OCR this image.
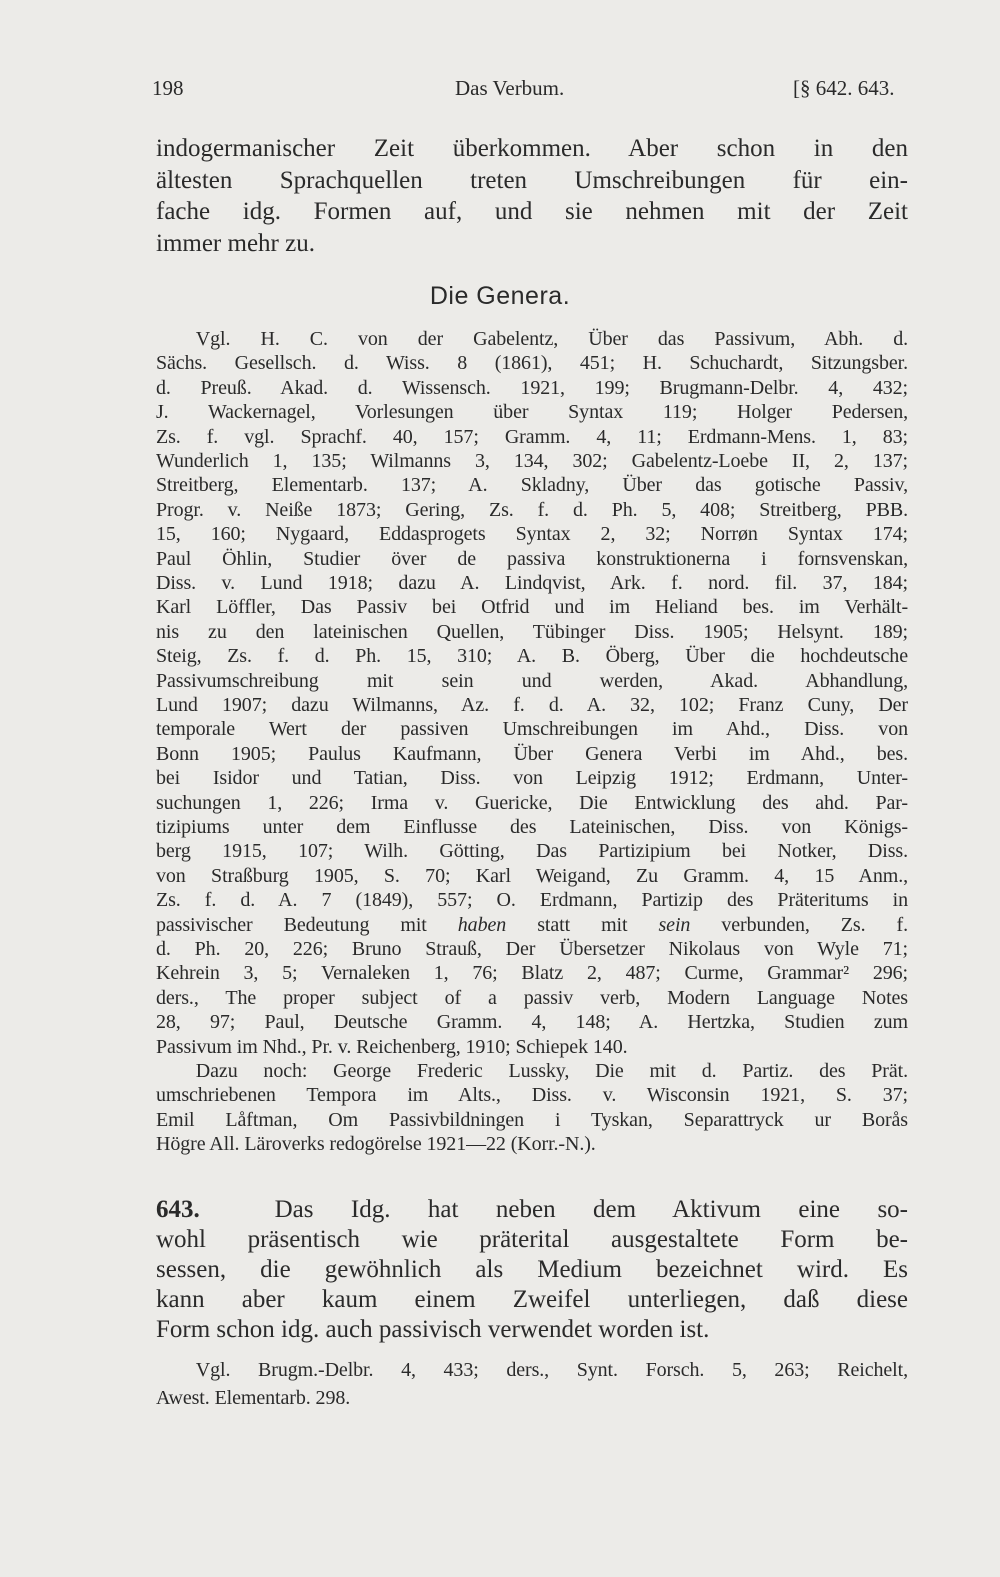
198	Das Verbum.	[§ 642. 643.
indogermanischer Zeit überkommen. Aber schon in den
ältesten Sprachquellen treten Umschreibungen für ein-
fache idg. Formen auf, und sie nehmen mit der Zeit
immer mehr zu.
Die Genera.
  Vgl. H. C. von der Gabelentz, Über das Passivum, Abh. d.
Sächs. Gesellsch. d. Wiss. 8 (1861), 451; H. Schuchardt, Sitzungsber.
d. Preuß. Akad. d. Wissensch. 1921, 199; Brugmann-Delbr. 4, 432;
J. Wackernagel, Vorlesungen über Syntax 119; Holger Pedersen,
Zs. f. vgl. Sprachf. 40, 157; Gramm. 4, 11; Erdmann-Mens. 1, 83;
Wunderlich 1, 135; Wilmanns 3, 134, 302; Gabelentz-Loebe II, 2, 137;
Streitberg, Elementarb. 137; A. Skladny, Über das gotische Passiv,
Progr. v. Neiße 1873; Gering, Zs. f. d. Ph. 5, 408; Streitberg, PBB.
15, 160; Nygaard, Eddasprogets Syntax 2, 32; Norrøn Syntax 174;
Paul Öhlin, Studier över de passiva konstruktionerna i fornsvenskan,
Diss. v. Lund 1918; dazu A. Lindqvist, Ark. f. nord. fil. 37, 184;
Karl Löffler, Das Passiv bei Otfrid und im Heliand bes. im Verhält-
nis zu den lateinischen Quellen, Tübinger Diss. 1905; Helsynt. 189;
Steig, Zs. f. d. Ph. 15, 310; A. B. Öberg, Über die hochdeutsche
Passivumschreibung mit sein und werden, Akad. Abhandlung,
Lund 1907; dazu Wilmanns, Az. f. d. A. 32, 102; Franz Cuny, Der
temporale Wert der passiven Umschreibungen im Ahd., Diss. von
Bonn 1905; Paulus Kaufmann, Über Genera Verbi im Ahd., bes.
bei Isidor und Tatian, Diss. von Leipzig 1912; Erdmann, Unter-
suchungen 1, 226; Irma v. Guericke, Die Entwicklung des ahd. Par-
tizipiums unter dem Einflusse des Lateinischen, Diss. von Königs-
berg 1915, 107; Wilh. Götting, Das Partizipium bei Notker, Diss.
von Straßburg 1905, S. 70; Karl Weigand, Zu Gramm. 4, 15 Anm.,
Zs. f. d. A. 7 (1849), 557; O. Erdmann, Partizip des Präteritums in
passivischer Bedeutung mit haben statt mit sein verbunden, Zs. f.
d. Ph. 20, 226; Bruno Strauß, Der Übersetzer Nikolaus von Wyle 71;
Kehrein 3, 5; Vernaleken 1, 76; Blatz 2, 487; Curme, Grammar² 296;
ders., The proper subject of a passiv verb, Modern Language Notes
28, 97; Paul, Deutsche Gramm. 4, 148; A. Hertzka, Studien zum
Passivum im Nhd., Pr. v. Reichenberg, 1910; Schiepek 140.
  Dazu noch: George Frederic Lussky, Die mit d. Partiz. des Prät.
umschriebenen Tempora im Alts., Diss. v. Wisconsin 1921, S. 37;
Emil Låftman, Om Passivbildningen i Tyskan, Separattryck ur Borås
Högre All. Läroverks redogörelse 1921—22 (Korr.-N.).
643.	Das Idg. hat neben dem Aktivum eine so-
wohl präsentisch wie präterital ausgestaltete Form be-
sessen, die gewöhnlich als Medium bezeichnet wird. Es
kann aber kaum einem Zweifel unterliegen, daß diese
Form schon idg. auch passivisch verwendet worden ist.
  Vgl. Brugm.-Delbr. 4, 433; ders., Synt. Forsch. 5, 263; Reichelt,
Awest. Elementarb. 298.
